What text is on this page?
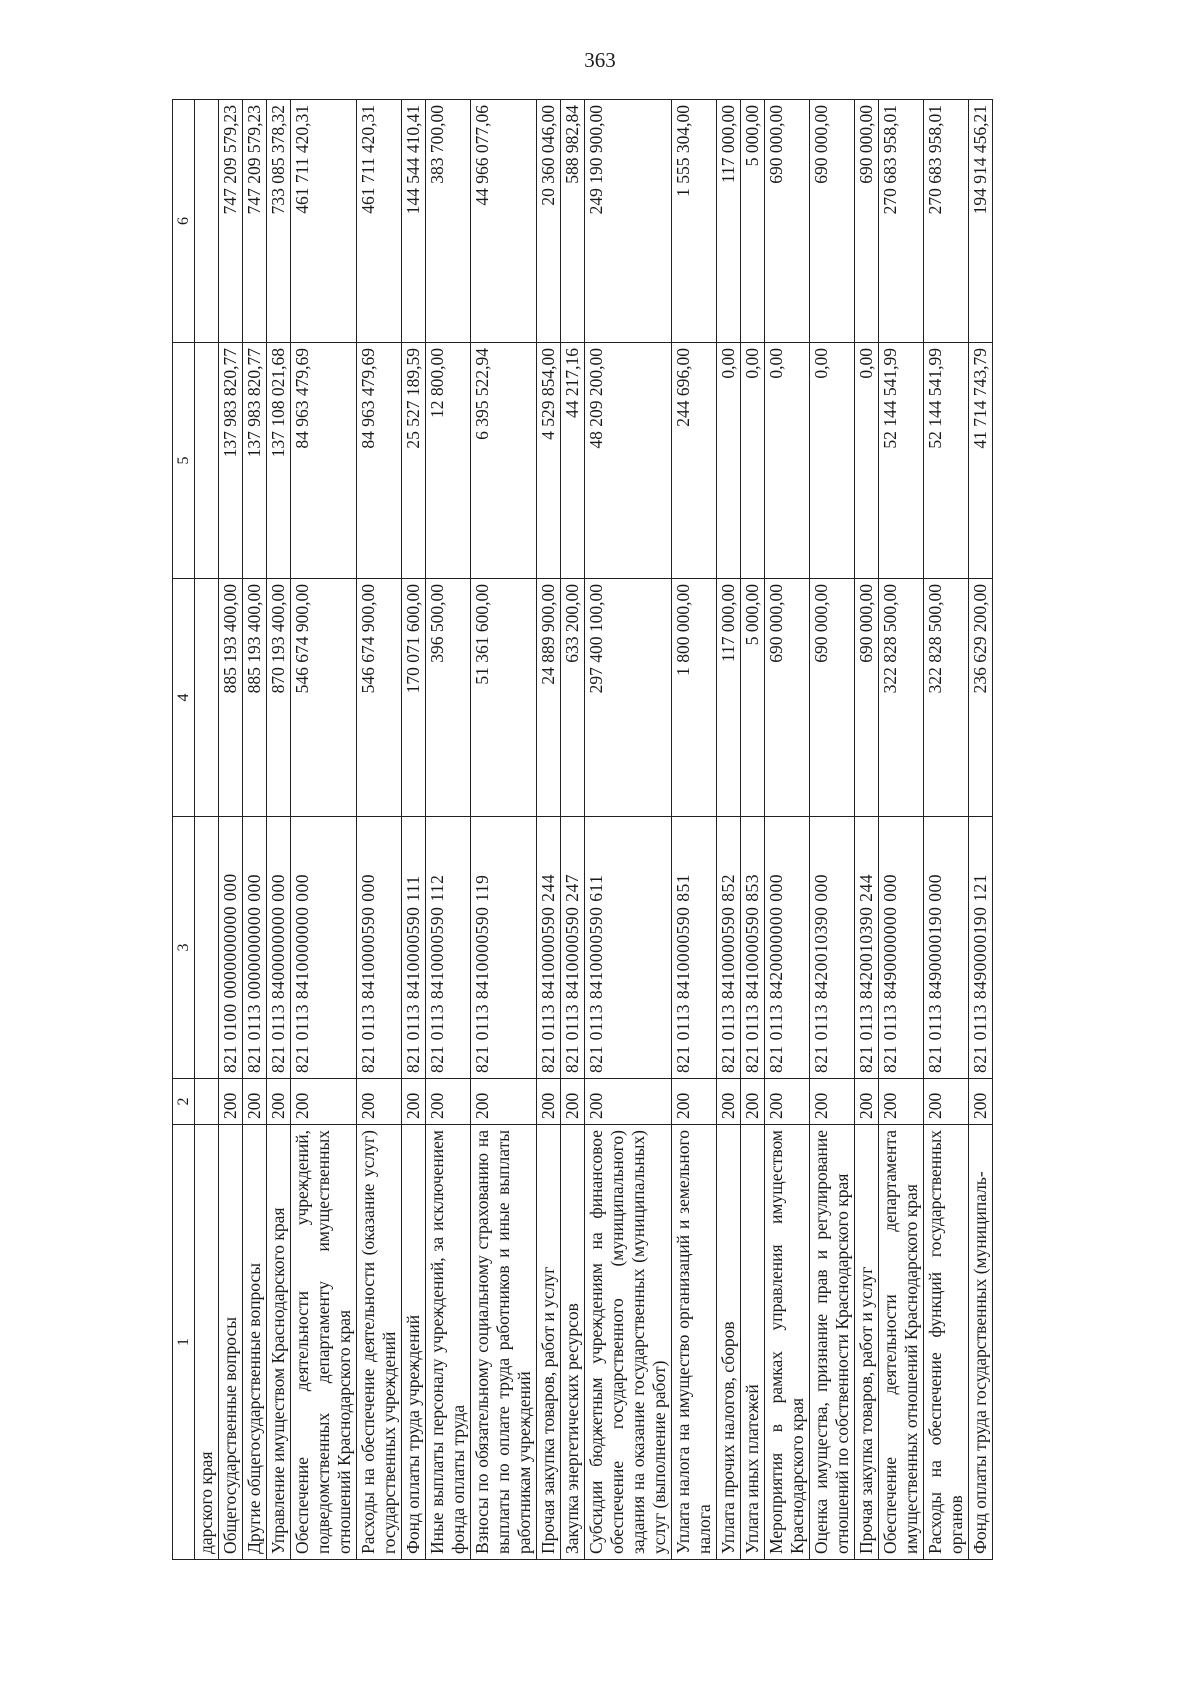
363
1	2	3	4	5	6
дарского края					
Общегосударственные вопросы	200	821 0100 0000000000 000	885 193 400,00	137 983 820,77	747 209 579,23
Другие общегосударственные вопросы	200	821 0113 0000000000 000	885 193 400,00	137 983 820,77	747 209 579,23
Управление имуществом Краснодарского края	200	821 0113 8400000000 000	870 193 400,00	137 108 021,68	733 085 378,32
Обеспечение деятельности учреждений, подведомственных департаменту имущественных отношений Краснодарского края	200	821 0113 8410000000 000	546 674 900,00	84 963 479,69	461 711 420,31
Расходы на обеспечение деятельности (оказание услуг) государственных учреждений	200	821 0113 8410000590 000	546 674 900,00	84 963 479,69	461 711 420,31
Фонд оплаты труда учреждений	200	821 0113 8410000590 111	170 071 600,00	25 527 189,59	144 544 410,41
Иные выплаты персоналу учреждений, за исключением фонда оплаты труда	200	821 0113 8410000590 112	396 500,00	12 800,00	383 700,00
Взносы по обязательному социальному страхованию на выплаты по оплате труда работников и иные выплаты работникам учреждений	200	821 0113 8410000590 119	51 361 600,00	6 395 522,94	44 966 077,06
Прочая закупка товаров, работ и услуг	200	821 0113 8410000590 244	24 889 900,00	4 529 854,00	20 360 046,00
Закупка энергетических ресурсов	200	821 0113 8410000590 247	633 200,00	44 217,16	588 982,84
Субсидии бюджетным учреждениям на финансовое обеспечение государственного (муниципального) задания на оказание государственных (муниципальных) услуг (выполнение работ)	200	821 0113 8410000590 611	297 400 100,00	48 209 200,00	249 190 900,00
Уплата налога на имущество организаций и земельного налога	200	821 0113 8410000590 851	1 800 000,00	244 696,00	1 555 304,00
Уплата прочих налогов, сборов	200	821 0113 8410000590 852	117 000,00	0,00	117 000,00
Уплата иных платежей	200	821 0113 8410000590 853	5 000,00	0,00	5 000,00
Мероприятия в рамках управления имуществом Краснодарского края	200	821 0113 8420000000 000	690 000,00	0,00	690 000,00
Оценка имущества, признание прав и регулирование отношений по собственности Краснодарского края	200	821 0113 8420010390 000	690 000,00	0,00	690 000,00
Прочая закупка товаров, работ и услуг	200	821 0113 8420010390 244	690 000,00	0,00	690 000,00
Обеспечение деятельности департамента имущественных отношений Краснодарского края	200	821 0113 8490000000 000	322 828 500,00	52 144 541,99	270 683 958,01
Расходы на обеспечение функций государственных органов	200	821 0113 8490000190 000	322 828 500,00	52 144 541,99	270 683 958,01
Фонд оплаты труда государственных (муниципаль-	200	821 0113 8490000190 121	236 629 200,00	41 714 743,79	194 914 456,21
